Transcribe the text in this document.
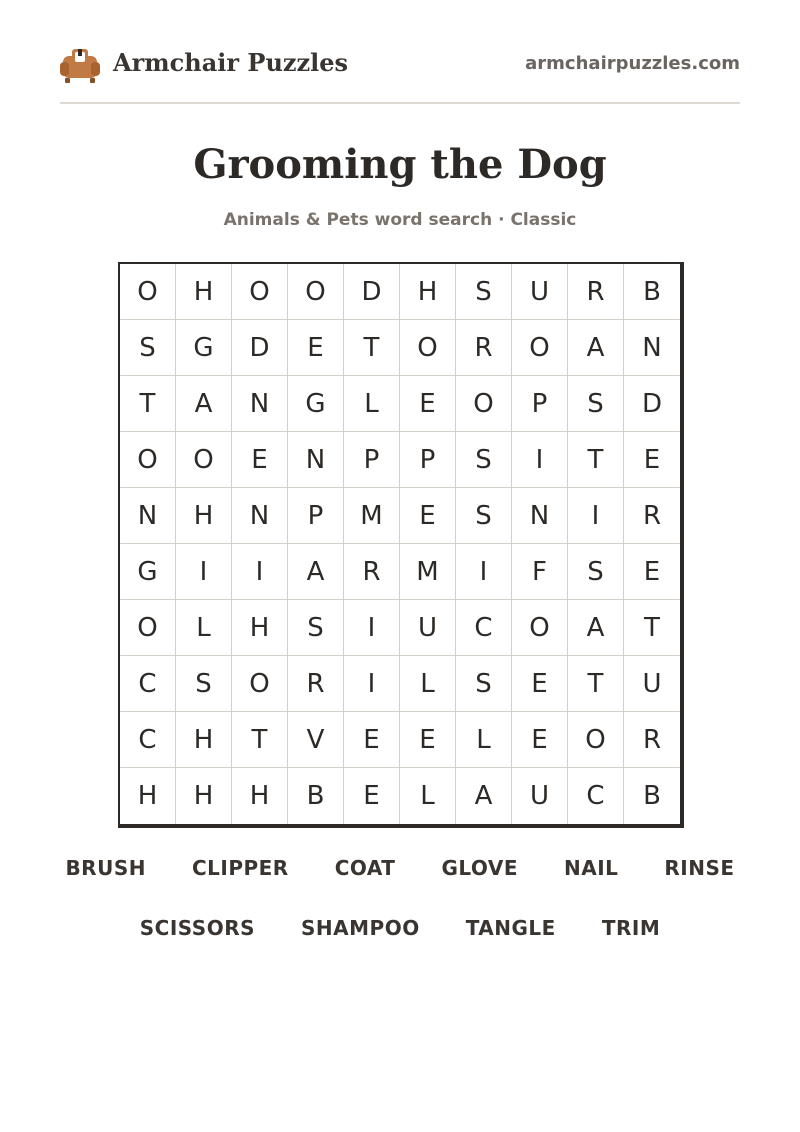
Armchair Puzzles	armchairpuzzles.com
Grooming the Dog
Animals & Pets word search · Classic
O	H	O	O	D	H	S	U	R	B
S	G	D	E	T	O	R	O	A	N
T	A	N	G	L	E	O	P	S	D
O	O	E	N	P	P	S	I	T	E
N	H	N	P	M	E	S	N	I	R
G	I	I	A	R	M	I	F	S	E
O	L	H	S	I	U	C	O	A	T
C	S	O	R	I	L	S	E	T	U
C	H	T	V	E	E	L	E	O	R
H	H	H	B	E	L	A	U	C	B
BRUSH CLIPPER COAT GLOVE NAIL RINSE
SCISSORS SHAMPOO TANGLE TRIM
